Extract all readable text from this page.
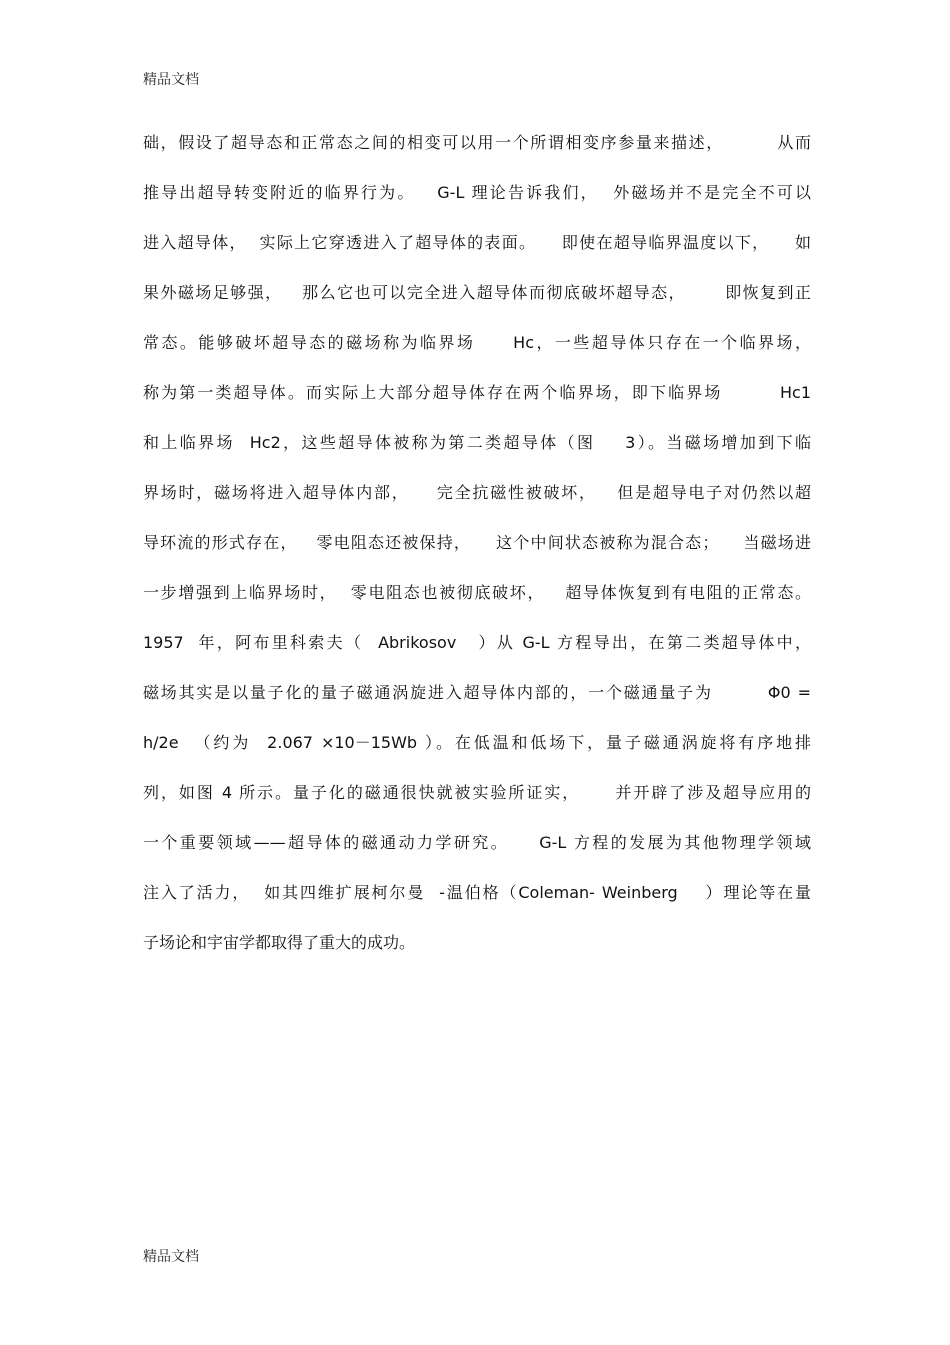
精品文档
础，假设了超导态和正常态之间的相变可以用一个所谓相变序参量来描述，        从而
推导出超导转变附近的临界行为。   G-L 理论告诉我们，  外磁场并不是完全不可以
进入超导体，  实际上它穿透进入了超导体的表面。    即使在超导临界温度以下，    如
果外磁场足够强，   那么它也可以完全进入超导体而彻底破坏超导态，      即恢复到正
常态。能够破坏超导态的磁场称为临界场     Hc，一些超导体只存在一个临界场，
称为第一类超导体。而实际上大部分超导体存在两个临界场，即下临界场        Hc1
和上临界场  Hc2，这些超导体被称为第二类超导体（图    3）。当磁场增加到下临
界场时，磁场将进入超导体内部，    完全抗磁性被破坏，   但是超导电子对仍然以超
导环流的形式存在，   零电阻态还被保持，    这个中间状态被称为混合态；    当磁场进
一步增强到上临界场时，  零电阻态也被彻底破坏，   超导体恢复到有电阻的正常态。
1957  年，阿布里科索夫（  Abrikosov   ）从 G-L 方程导出，在第二类超导体中，
磁场其实是以量子化的量子磁通涡旋进入超导体内部的，一个磁通量子为        Φ0 =
h/2e  （约为  2.067 ×10－15Wb ）。在低温和低场下，量子磁通涡旋将有序地排
列，如图 4 所示。量子化的磁通很快就被实验所证实，     并开辟了涉及超导应用的
一个重要领域——超导体的磁通动力学研究。    G-L 方程的发展为其他物理学领域
注入了活力，  如其四维扩展柯尔曼  -温伯格（Coleman- Weinberg    ）理论等在量
子场论和宇宙学都取得了重大的成功。
精品文档
